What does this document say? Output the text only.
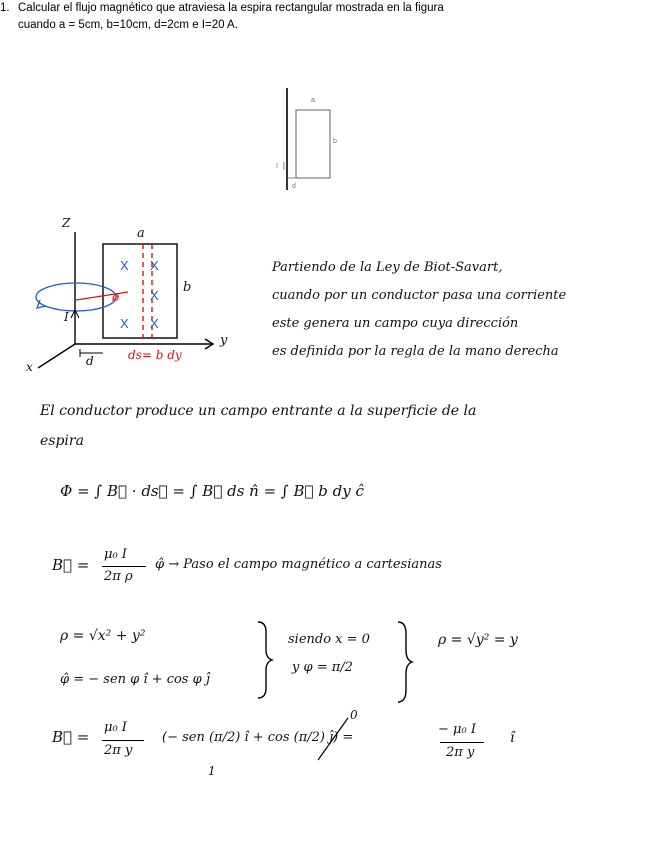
1. Calcular el flujo magnético que atraviesa la espira rectangular mostrada en la figura
cuando a = 5cm, b=10cm, d=2cm e I=20 A.
a
b
d
I
Z
a
b
y
x
I
d	ds= b dy
ø
X X
X
X X
Partiendo de la Ley de Biot-Savart,
cuando por un conductor pasa una corriente
este genera un campo cuya dirección
es definida por la regla de la mano derecha
El conductor produce un campo entrante a la superficie de la
espira
Φ = ∫ B⃗ · ds⃗ = ∫ B⃗ ds n̂ = ∫ B⃗ b dy ĉ
B⃗ =
μ₀ I
2π ρ
φ̂ → Paso el campo magnético a cartesianas
ρ = √x² + y²
φ̂ = − sen φ î + cos φ ĵ
siendo x = 0
y φ = π/2
ρ = √y² = y
B⃗ =
μ₀ I
2π y
(− sen (π/2) î + cos (π/2) ĵ) =
− μ₀ I
2π y
î
1
0
